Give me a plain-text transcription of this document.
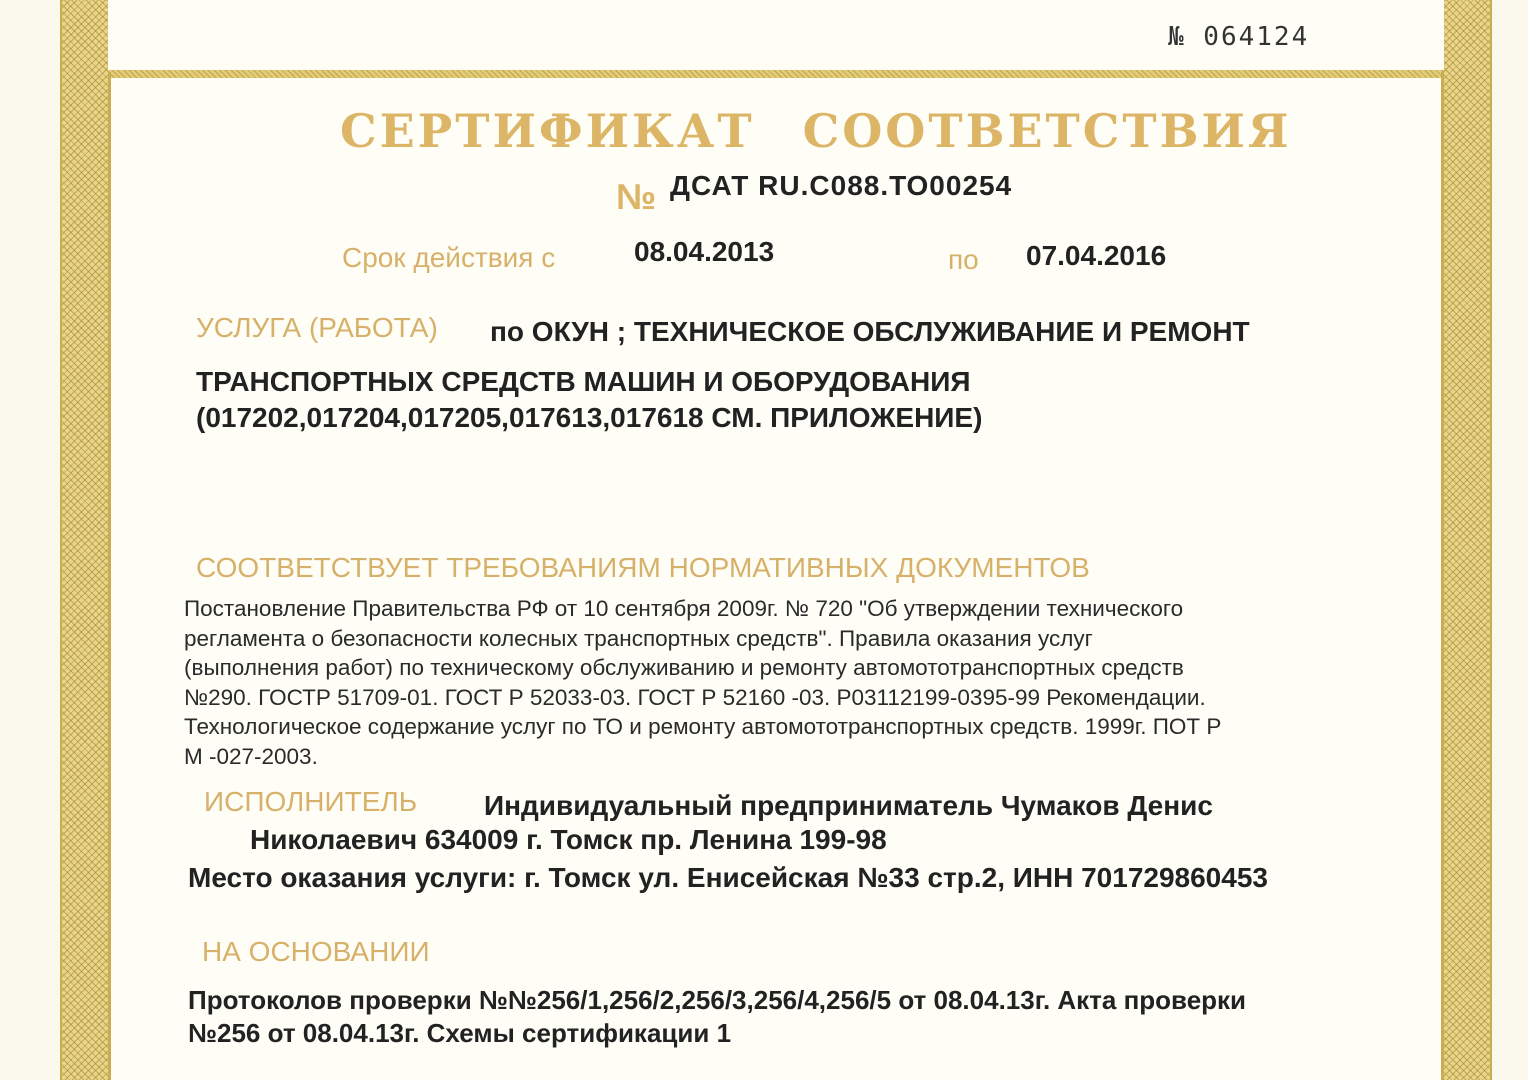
№ 064124
СЕРТИФИКАТ СООТВЕТСТВИЯ
№ ДСАТ RU.С088.ТО00254
Срок действия с	08.04.2013	по 07.04.2016
УСЛУГА (РАБОТА) по ОКУН ; ТЕХНИЧЕСКОЕ ОБСЛУЖИВАНИЕ И РЕМОНТ
ТРАНСПОРТНЫХ СРЕДСТВ МАШИН И ОБОРУДОВАНИЯ
(017202,017204,017205,017613,017618 СМ. ПРИЛОЖЕНИЕ)
СООТВЕТСТВУЕТ ТРЕБОВАНИЯМ НОРМАТИВНЫХ ДОКУМЕНТОВ
Постановление Правительства РФ от 10 сентября 2009г. № 720 "Об утверждении технического
регламента о безопасности колесных транспортных средств". Правила оказания услуг
(выполнения работ) по техническому обслуживанию и ремонту автомототранспортных средств
№290. ГОСТР 51709-01. ГОСТ Р 52033-03. ГОСТ Р 52160 -03. Р03112199-0395-99 Рекомендации.
Технологическое содержание услуг по ТО и ремонту автомототранспортных средств. 1999г. ПОТ Р
М -027-2003.
ИСПОЛНИТЕЛЬ Индивидуальный предприниматель Чумаков Денис
Николаевич 634009 г. Томск пр. Ленина 199-98
Место оказания услуги: г. Томск ул. Енисейская №33 стр.2, ИНН 701729860453
НА ОСНОВАНИИ
Протоколов проверки №№256/1,256/2,256/3,256/4,256/5 от 08.04.13г. Акта проверки
№256 от 08.04.13г. Схемы сертификации 1
